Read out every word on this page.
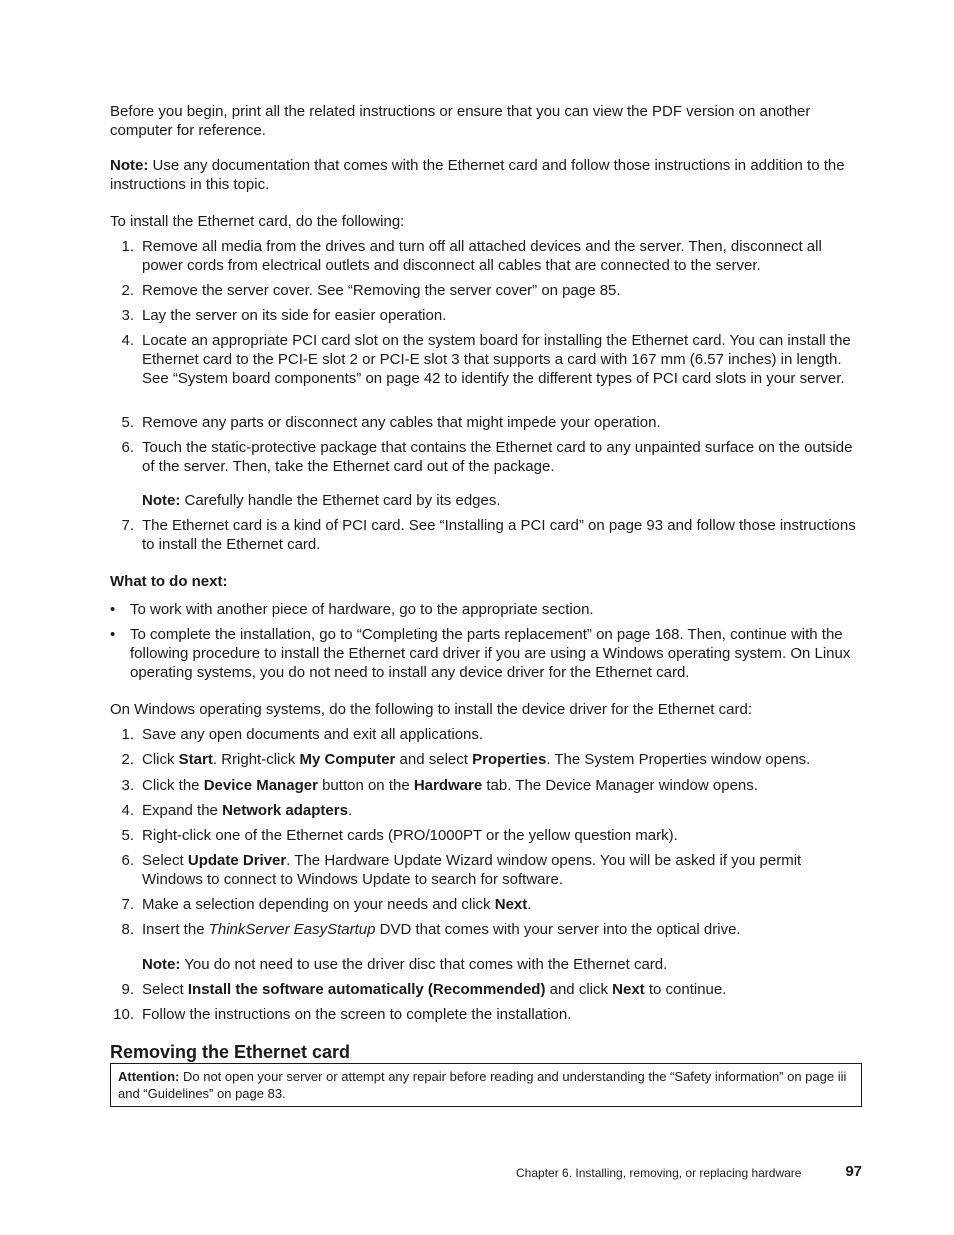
Before you begin, print all the related instructions or ensure that you can view the PDF version on another computer for reference.

Note: Use any documentation that comes with the Ethernet card and follow those instructions in addition to the instructions in this topic.

To install the Ethernet card, do the following:

1. Remove all media from the drives and turn off all attached devices and the server. Then, disconnect all power cords from electrical outlets and disconnect all cables that are connected to the server.
2. Remove the server cover. See “Removing the server cover” on page 85.
3. Lay the server on its side for easier operation.
4. Locate an appropriate PCI card slot on the system board for installing the Ethernet card. You can install the Ethernet card to the PCI-E slot 2 or PCI-E slot 3 that supports a card with 167 mm (6.57 inches) in length. See “System board components” on page 42 to identify the different types of PCI card slots in your server.
5. Remove any parts or disconnect any cables that might impede your operation.
6. Touch the static-protective package that contains the Ethernet card to any unpainted surface on the outside of the server. Then, take the Ethernet card out of the package.
Note: Carefully handle the Ethernet card by its edges.
7. The Ethernet card is a kind of PCI card. See “Installing a PCI card” on page 93 and follow those instructions to install the Ethernet card.

What to do next:

• To work with another piece of hardware, go to the appropriate section.
• To complete the installation, go to “Completing the parts replacement” on page 168. Then, continue with the following procedure to install the Ethernet card driver if you are using a Windows operating system. On Linux operating systems, you do not need to install any device driver for the Ethernet card.

On Windows operating systems, do the following to install the device driver for the Ethernet card:

1. Save any open documents and exit all applications.
2. Click Start. Rright-click My Computer and select Properties. The System Properties window opens.
3. Click the Device Manager button on the Hardware tab. The Device Manager window opens.
4. Expand the Network adapters.
5. Right-click one of the Ethernet cards (PRO/1000PT or the yellow question mark).
6. Select Update Driver. The Hardware Update Wizard window opens. You will be asked if you permit Windows to connect to Windows Update to search for software.
7. Make a selection depending on your needs and click Next.
8. Insert the ThinkServer EasyStartup DVD that comes with your server into the optical drive.
Note: You do not need to use the driver disc that comes with the Ethernet card.
9. Select Install the software automatically (Recommended) and click Next to continue.
10. Follow the instructions on the screen to complete the installation.
Removing the Ethernet card
Attention: Do not open your server or attempt any repair before reading and understanding the “Safety information” on page iii and “Guidelines” on page 83.
Chapter 6. Installing, removing, or replacing hardware	97
